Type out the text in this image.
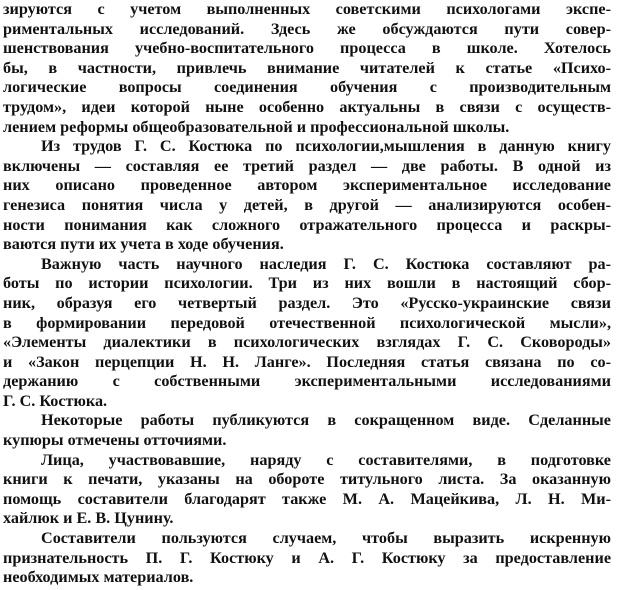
зируются с учетом выполненных советскими психологами экспе-
риментальных исследований. Здесь же обсуждаются пути совер-
шенствования учебно-воспитательного процесса в школе. Хотелось
бы, в частности, привлечь внимание читателей к статье «Психо-
логические вопросы соединения обучения с производительным
трудом», идеи которой ныне особенно актуальны в связи с осуществ-
лением реформы общеобразовательной и профессиональной школы.
Из трудов Г. С. Костюка по психологии,мышления в данную книгу
включены — составляя ее третий раздел — две работы. В одной из
них описано проведенное автором экспериментальное исследование
генезиса понятия числа у детей, в другой — анализируются особен-
ности понимания как сложного отражательного процесса и раскры-
ваются пути их учета в ходе обучения.
Важную часть научного наследия Г. С. Костюка составляют ра-
боты по истории психологии. Три из них вошли в настоящий сбор-
ник, образуя его четвертый раздел. Это «Русско-украинские связи
в формировании передовой отечественной психологической мысли»,
«Элементы диалектики в психологических взглядах Г. С. Сковороды»
и «Закон перцепции Н. Н. Ланге». Последняя статья связана по со-
держанию с собственными экспериментальными исследованиями
Г. С. Костюка.
Некоторые работы публикуются в сокращенном виде. Сделанные
купюры отмечены отточиями.
Лица, участвовавшие, наряду с составителями, в подготовке
книги к печати, указаны на обороте титульного листа. За оказанную
помощь составители благодарят также М. А. Мацейкива, Л. Н. Ми-
хайлюк и Е. В. Цунину.
Составители пользуются случаем, чтобы выразить искренную
признательность П. Г. Костюку и А. Г. Костюку за предоставление
необходимых материалов.
